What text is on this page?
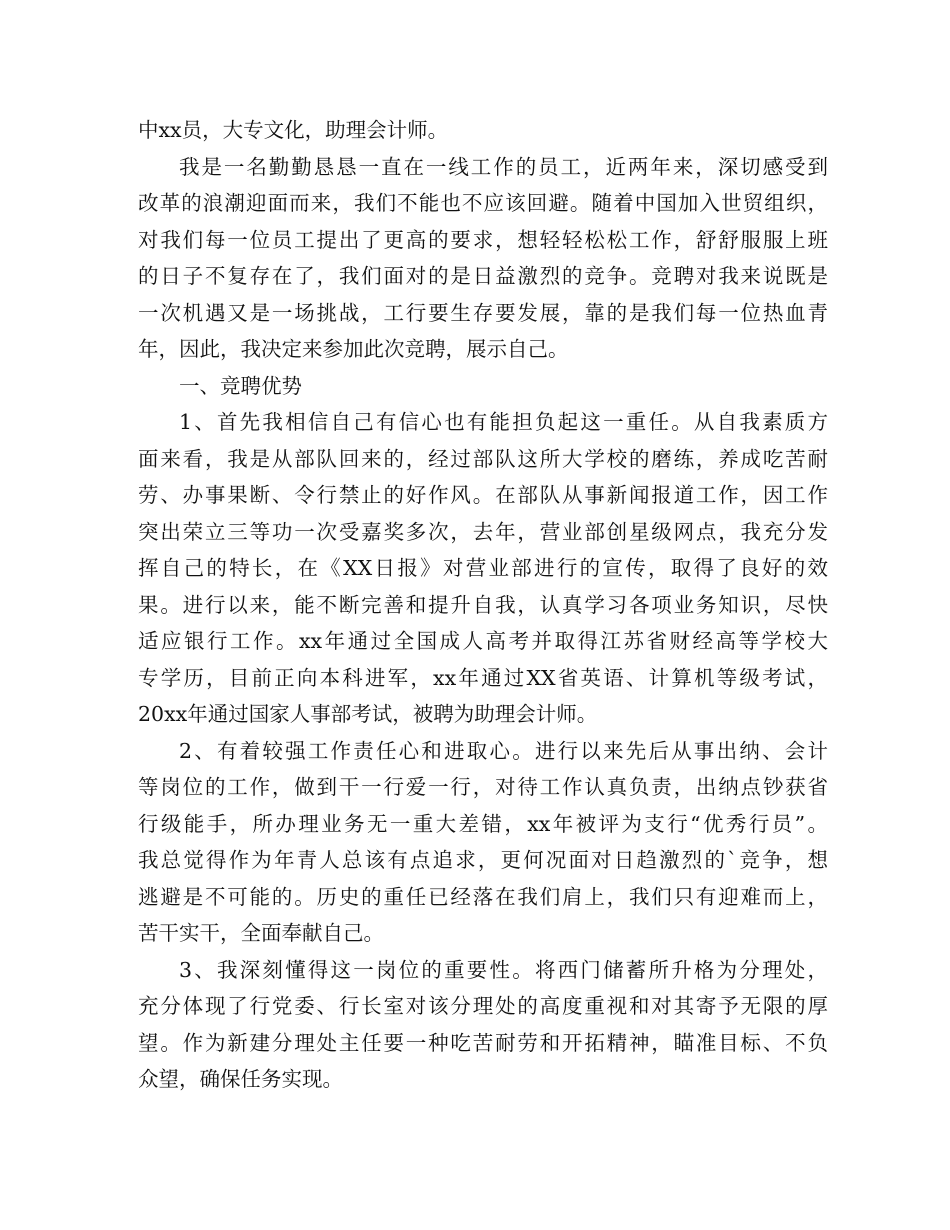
中xx员，大专文化，助理会计师。
我是一名勤勤恳恳一直在一线工作的员工，近两年来，深切感受到
改革的浪潮迎面而来，我们不能也不应该回避。随着中国加入世贸组织，
对我们每一位员工提出了更高的要求，想轻轻松松工作，舒舒服服上班
的日子不复存在了，我们面对的是日益激烈的竞争。竞聘对我来说既是
一次机遇又是一场挑战，工行要生存要发展，靠的是我们每一位热血青
年，因此，我决定来参加此次竞聘，展示自己。
一、竞聘优势
1、首先我相信自己有信心也有能担负起这一重任。从自我素质方
面来看，我是从部队回来的，经过部队这所大学校的磨练，养成吃苦耐
劳、办事果断、令行禁止的好作风。在部队从事新闻报道工作，因工作
突出荣立三等功一次受嘉奖多次，去年，营业部创星级网点，我充分发
挥自己的特长，在《XX日报》对营业部进行的宣传，取得了良好的效
果。进行以来，能不断完善和提升自我，认真学习各项业务知识，尽快
适应银行工作。xx年通过全国成人高考并取得江苏省财经高等学校大
专学历，目前正向本科进军，xx年通过XX省英语、计算机等级考试，
20xx年通过国家人事部考试，被聘为助理会计师。
2、有着较强工作责任心和进取心。进行以来先后从事出纳、会计
等岗位的工作，做到干一行爱一行，对待工作认真负责，出纳点钞获省
行级能手，所办理业务无一重大差错，xx年被评为支行“优秀行员”。
我总觉得作为年青人总该有点追求，更何况面对日趋激烈的`竞争，想
逃避是不可能的。历史的重任已经落在我们肩上，我们只有迎难而上，
苦干实干，全面奉献自己。
3、我深刻懂得这一岗位的重要性。将西门储蓄所升格为分理处，
充分体现了行党委、行长室对该分理处的高度重视和对其寄予无限的厚
望。作为新建分理处主任要一种吃苦耐劳和开拓精神，瞄准目标、不负
众望，确保任务实现。
